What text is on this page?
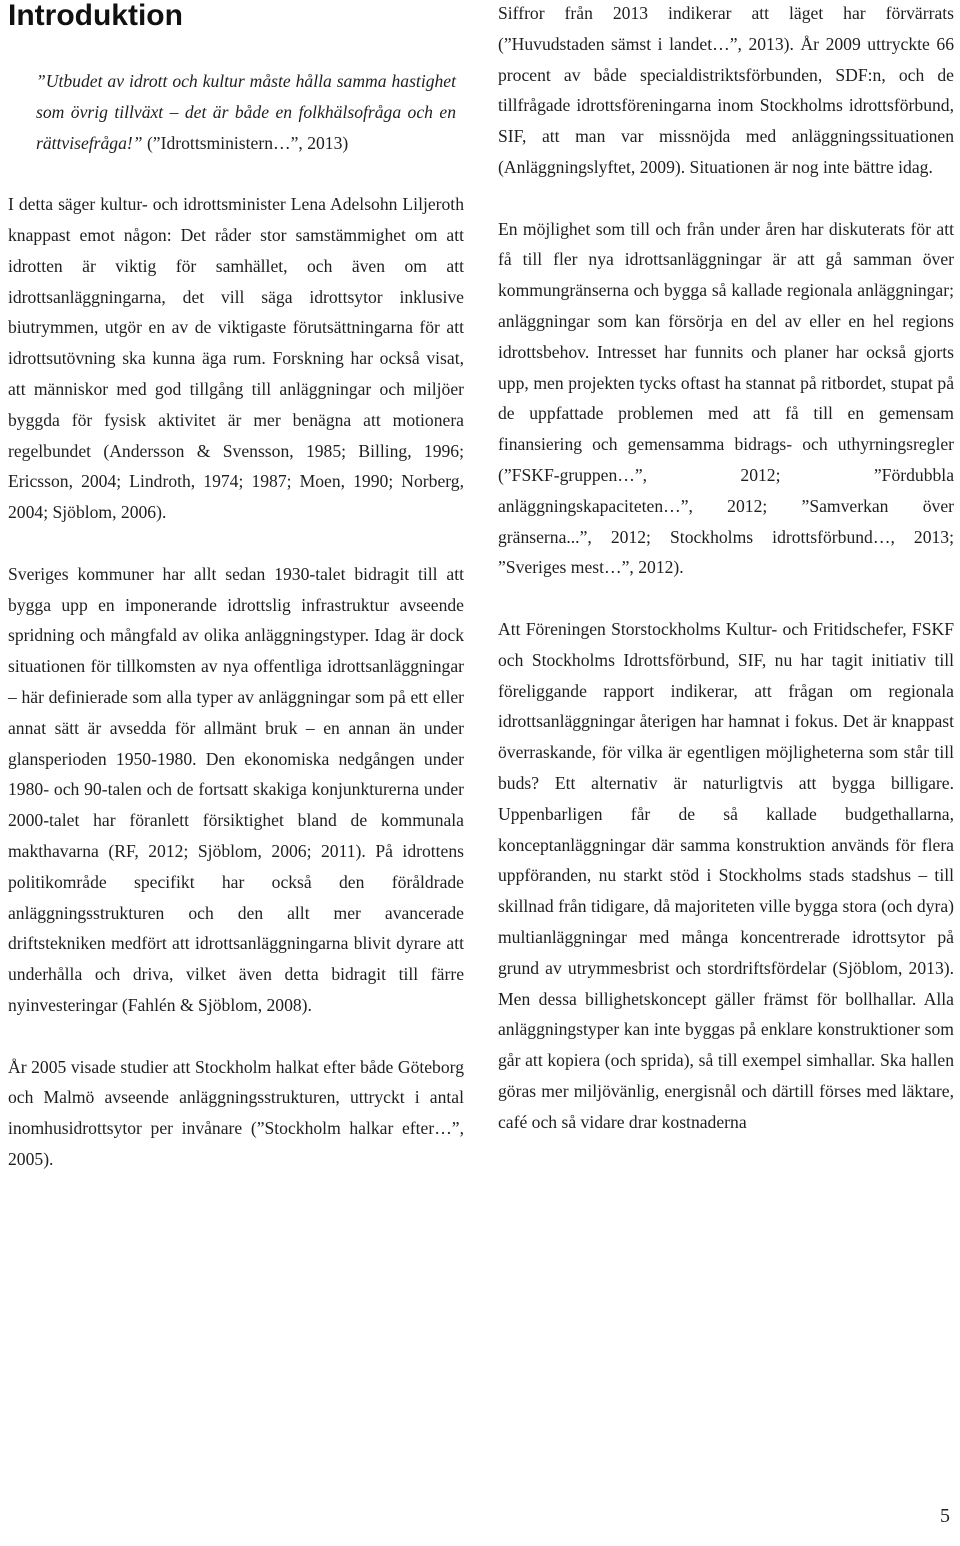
Introduktion

”Utbudet av idrott och kultur måste hålla samma hastighet som övrig tillväxt – det är både en folkhälsofråga och en rättvisefråga!” (”Idrottsministern…”, 2013)

I detta säger kultur- och idrottsminister Lena Adelsohn Liljeroth knappast emot någon: Det råder stor samstämmighet om att idrotten är viktig för samhället, och även om att idrottsanläggningarna, det vill säga idrottsytor inklusive biutrymmen, utgör en av de viktigaste förutsättningarna för att idrottsutövning ska kunna äga rum. Forskning har också visat, att människor med god tillgång till anläggningar och miljöer byggda för fysisk aktivitet är mer benägna att motionera regelbundet (Andersson & Svensson, 1985; Billing, 1996; Ericsson, 2004; Lindroth, 1974; 1987; Moen, 1990; Norberg, 2004; Sjöblom, 2006).

Sveriges kommuner har allt sedan 1930-talet bidragit till att bygga upp en imponerande idrottslig infrastruktur avseende spridning och mångfald av olika anläggningstyper. Idag är dock situationen för tillkomsten av nya offentliga idrottsanläggningar – här definierade som alla typer av anläggningar som på ett eller annat sätt är avsedda för allmänt bruk – en annan än under glansperioden 1950-1980. Den ekonomiska nedgången under 1980- och 90-talen och de fortsatt skakiga konjunkturerna under 2000-talet har föranlett försiktighet bland de kommunala makthavarna (RF, 2012; Sjöblom, 2006; 2011). På idrottens politikområde specifikt har också den föråldrade anläggningsstrukturen och den allt mer avancerade driftstekniken medfört att idrottsanläggningarna blivit dyrare att underhålla och driva, vilket även detta bidragit till färre nyinvesteringar (Fahlén & Sjöblom, 2008).

År 2005 visade studier att Stockholm halkat efter både Göteborg och Malmö avseende anläggningsstrukturen, uttryckt i antal inomhusidrottsytor per invånare (”Stockholm halkar efter…”, 2005).

Siffror från 2013 indikerar att läget har förvärrats (”Huvudstaden sämst i landet…”, 2013). År 2009 uttryckte 66 procent av både specialdistriktsförbunden, SDF:n, och de tillfrågade idrottsföreningarna inom Stockholms idrottsförbund, SIF, att man var missnöjda med anläggningssituationen (Anläggningslyftet, 2009). Situationen är nog inte bättre idag.

En möjlighet som till och från under åren har diskuterats för att få till fler nya idrottsanläggningar är att gå samman över kommungränserna och bygga så kallade regionala anläggningar; anläggningar som kan försörja en del av eller en hel regions idrottsbehov. Intresset har funnits och planer har också gjorts upp, men projekten tycks oftast ha stannat på ritbordet, stupat på de uppfattade problemen med att få till en gemensam finansiering och gemensamma bidrags- och uthyrningsregler (”FSKF-gruppen…”, 2012; ”Fördubbla anläggningskapaciteten…”, 2012; ”Samverkan över gränserna...”, 2012; Stockholms idrottsförbund…, 2013; ”Sveriges mest…”, 2012).

Att Föreningen Storstockholms Kultur- och Fritidschefer, FSKF och Stockholms Idrottsförbund, SIF, nu har tagit initiativ till föreliggande rapport indikerar, att frågan om regionala idrottsanläggningar återigen har hamnat i fokus. Det är knappast överraskande, för vilka är egentligen möjligheterna som står till buds? Ett alternativ är naturligtvis att bygga billigare. Uppenbarligen får de så kallade budgethallarna, konceptanläggningar där samma konstruktion används för flera uppföranden, nu starkt stöd i Stockholms stads stadshus – till skillnad från tidigare, då majoriteten ville bygga stora (och dyra) multianläggningar med många koncentrerade idrottsytor på grund av utrymmesbrist och stordriftsfördelar (Sjöblom, 2013). Men dessa billighetskoncept gäller främst för bollhallar. Alla anläggningstyper kan inte byggas på enklare konstruktioner som går att kopiera (och sprida), så till exempel simhallar. Ska hallen göras mer miljövänlig, energisnål och därtill förses med läktare, café och så vidare drar kostnaderna

5
